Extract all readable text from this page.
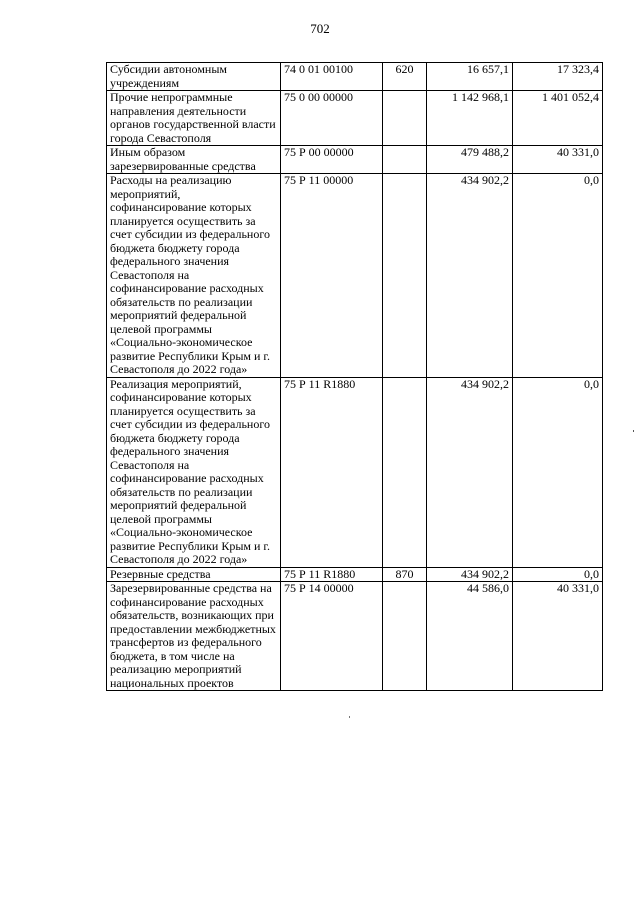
702
Субсидии автономным учреждениям	74 0 01 00100	620	16 657,1	17 323,4
Прочие непрограммные направления деятельности органов государственной власти города Севастополя	75 0 00 00000		1 142 968,1	1 401 052,4
Иным образом зарезервированные средства	75 Р 00 00000		479 488,2	40 331,0
Расходы на реализацию мероприятий, софинансирование которых планируется осуществить за счет субсидии из федерального бюджета бюджету города федерального значения Севастополя на софинансирование расходных обязательств по реализации мероприятий федеральной целевой программы «Социально-экономическое развитие Республики Крым и г. Севастополя до 2022 года»	75 Р 11 00000		434 902,2	0,0
Реализация мероприятий, софинансирование которых планируется осуществить за счет субсидии из федерального бюджета бюджету города федерального значения Севастополя на софинансирование расходных обязательств по реализации мероприятий федеральной целевой программы «Социально-экономическое развитие Республики Крым и г. Севастополя до 2022 года»	75 Р 11 R1880		434 902,2	0,0
Резервные средства	75 Р 11 R1880	870	434 902,2	0,0
Зарезервированные средства на софинансирование расходных обязательств, возникающих при предоставлении межбюджетных трансфертов из федерального бюджета, в том числе на реализацию мероприятий национальных проектов	75 Р 14 00000		44 586,0	40 331,0
